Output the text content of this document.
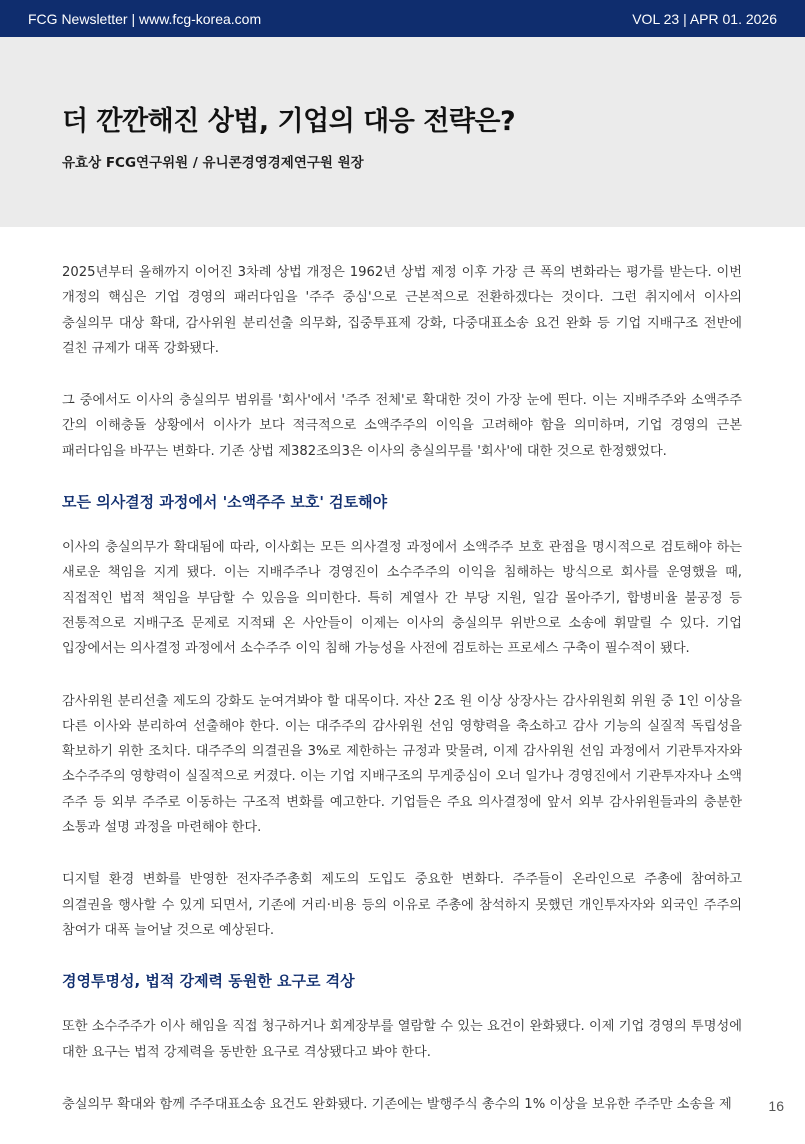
FCG Newsletter | www.fcg-korea.com	VOL 23 | APR 01. 2026
더 깐깐해진 상법, 기업의 대응 전략은?

유효상 FCG연구위원 / 유니콘경영경제연구원 원장

2025년부터 올해까지 이어진 3차례 상법 개정은 1962년 상법 제정 이후 가장 큰 폭의 변화라는 평가를 받는다. 이번 개정의 핵심은 기업 경영의 패러다임을 '주주 중심'으로 근본적으로 전환하겠다는 것이다. 그런 취지에서 이사의 충실의무 대상 확대, 감사위원 분리선출 의무화, 집중투표제 강화, 다중대표소송 요건 완화 등 기업 지배구조 전반에 걸친 규제가 대폭 강화됐다.

그 중에서도 이사의 충실의무 범위를 '회사'에서 '주주 전체'로 확대한 것이 가장 눈에 띈다. 이는 지배주주와 소액주주 간의 이해충돌 상황에서 이사가 보다 적극적으로 소액주주의 이익을 고려해야 함을 의미하며, 기업 경영의 근본 패러다임을 바꾸는 변화다. 기존 상법 제382조의3은 이사의 충실의무를 '회사'에 대한 것으로 한정했었다.

모든 의사결정 과정에서 '소액주주 보호' 검토해야

이사의 충실의무가 확대됨에 따라, 이사회는 모든 의사결정 과정에서 소액주주 보호 관점을 명시적으로 검토해야 하는 새로운 책임을 지게 됐다. 이는 지배주주나 경영진이 소수주주의 이익을 침해하는 방식으로 회사를 운영했을 때, 직접적인 법적 책임을 부담할 수 있음을 의미한다. 특히 계열사 간 부당 지원, 일감 몰아주기, 합병비율 불공정 등 전통적으로 지배구조 문제로 지적돼 온 사안들이 이제는 이사의 충실의무 위반으로 소송에 휘말릴 수 있다. 기업 입장에서는 의사결정 과정에서 소수주주 이익 침해 가능성을 사전에 검토하는 프로세스 구축이 필수적이 됐다.

감사위원 분리선출 제도의 강화도 눈여겨봐야 할 대목이다. 자산 2조 원 이상 상장사는 감사위원회 위원 중 1인 이상을 다른 이사와 분리하여 선출해야 한다. 이는 대주주의 감사위원 선임 영향력을 축소하고 감사 기능의 실질적 독립성을 확보하기 위한 조치다. 대주주의 의결권을 3%로 제한하는 규정과 맞물려, 이제 감사위원 선임 과정에서 기관투자자와 소수주주의 영향력이 실질적으로 커졌다. 이는 기업 지배구조의 무게중심이 오너 일가나 경영진에서 기관투자자나 소액 주주 등 외부 주주로 이동하는 구조적 변화를 예고한다. 기업들은 주요 의사결정에 앞서 외부 감사위원들과의 충분한 소통과 설명 과정을 마련해야 한다.

디지털 환경 변화를 반영한 전자주주총회 제도의 도입도 중요한 변화다. 주주들이 온라인으로 주총에 참여하고 의결권을 행사할 수 있게 되면서, 기존에 거리·비용 등의 이유로 주총에 참석하지 못했던 개인투자자와 외국인 주주의 참여가 대폭 늘어날 것으로 예상된다.

경영투명성, 법적 강제력 동원한 요구로 격상

또한 소수주주가 이사 해임을 직접 청구하거나 회계장부를 열람할 수 있는 요건이 완화됐다. 이제 기업 경영의 투명성에 대한 요구는 법적 강제력을 동반한 요구로 격상됐다고 봐야 한다.

충실의무 확대와 함께 주주대표소송 요건도 완화됐다. 기존에는 발행주식 총수의 1% 이상을 보유한 주주만 소송을 제	16
